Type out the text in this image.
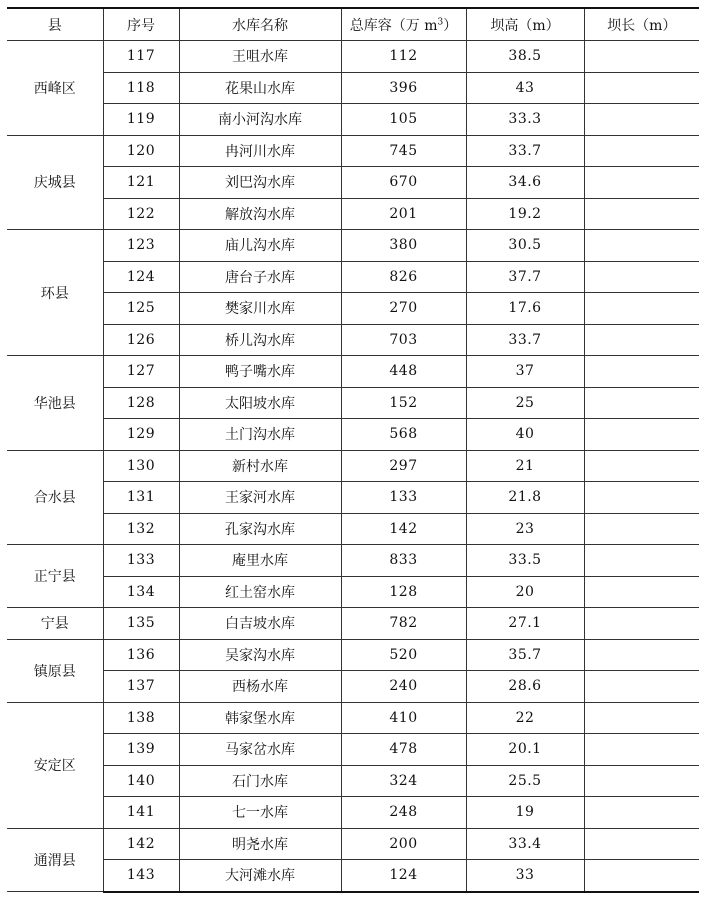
县	序号	水库名称	总库容（万 $m^3$）	坝高（m）	坝长（m）
西峰区	117	王咀水库	112	38.5	
	118	花果山水库	396	43	
	119	南小河沟水库	105	33.3	
庆城县	120	冉河川水库	745	33.7	
	121	刘巴沟水库	670	34.6	
	122	解放沟水库	201	19.2	
环县	123	庙儿沟水库	380	30.5	
	124	唐台子水库	826	37.7	
	125	樊家川水库	270	17.6	
	126	桥儿沟水库	703	33.7	
华池县	127	鸭子嘴水库	448	37	
	128	太阳坡水库	152	25	
	129	土门沟水库	568	40	
合水县	130	新村水库	297	21	
	131	王家河水库	133	21.8	
	132	孔家沟水库	142	23	
正宁县	133	庵里水库	833	33.5	
	134	红土窑水库	128	20	
宁县	135	白吉坡水库	782	27.1	
镇原县	136	吴家沟水库	520	35.7	
	137	西杨水库	240	28.6	
安定区	138	韩家堡水库	410	22	
	139	马家岔水库	478	20.1	
	140	石门水库	324	25.5	
	141	七一水库	248	19	
通渭县	142	明尧水库	200	33.4	
	143	大河滩水库	124	33	
